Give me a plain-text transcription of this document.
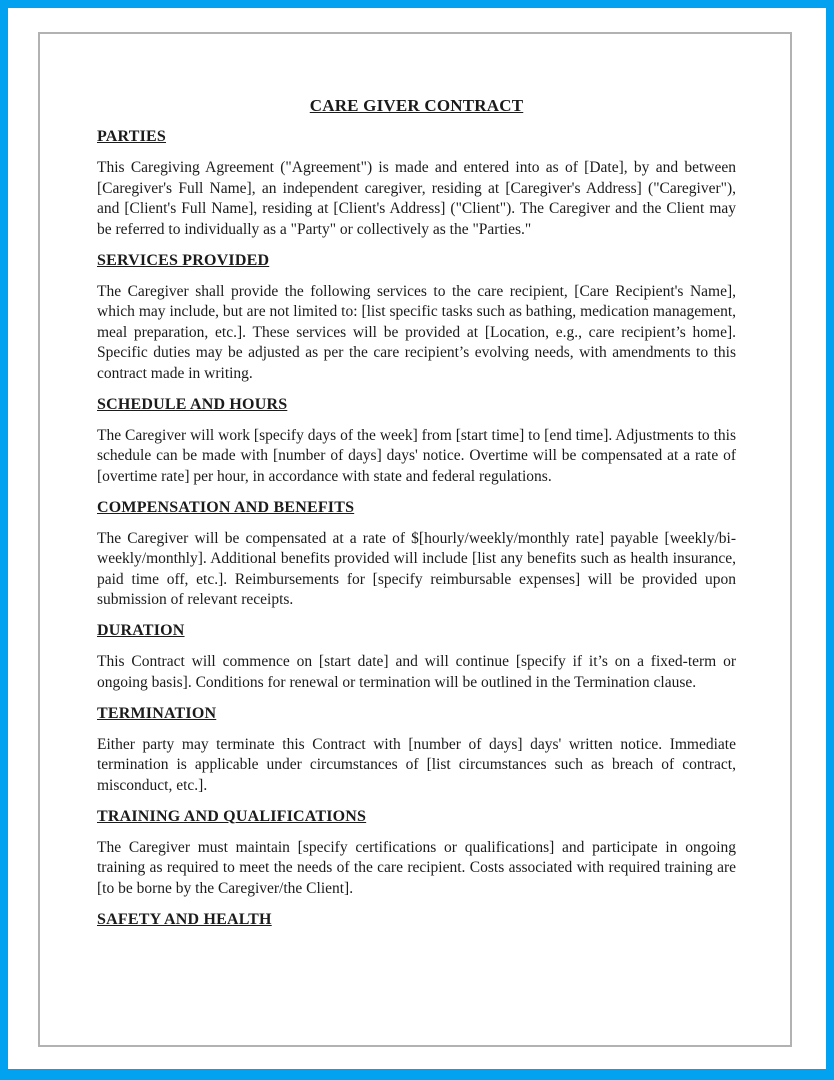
CARE GIVER CONTRACT
PARTIES

This Caregiving Agreement ("Agreement") is made and entered into as of [Date], by and between [Caregiver's Full Name], an independent caregiver, residing at [Caregiver's Address] ("Caregiver"), and [Client's Full Name], residing at [Client's Address] ("Client"). The Caregiver and the Client may be referred to individually as a "Party" or collectively as the "Parties."

SERVICES PROVIDED

The Caregiver shall provide the following services to the care recipient, [Care Recipient's Name], which may include, but are not limited to: [list specific tasks such as bathing, medication management, meal preparation, etc.]. These services will be provided at [Location, e.g., care recipient’s home]. Specific duties may be adjusted as per the care recipient’s evolving needs, with amendments to this contract made in writing.

SCHEDULE AND HOURS

The Caregiver will work [specify days of the week] from [start time] to [end time]. Adjustments to this schedule can be made with [number of days] days' notice. Overtime will be compensated at a rate of [overtime rate] per hour, in accordance with state and federal regulations.

COMPENSATION AND BENEFITS

The Caregiver will be compensated at a rate of $[hourly/weekly/monthly rate] payable [weekly/bi-weekly/monthly]. Additional benefits provided will include [list any benefits such as health insurance, paid time off, etc.]. Reimbursements for [specify reimbursable expenses] will be provided upon submission of relevant receipts.

DURATION

This Contract will commence on [start date] and will continue [specify if it’s on a fixed-term or ongoing basis]. Conditions for renewal or termination will be outlined in the Termination clause.

TERMINATION

Either party may terminate this Contract with [number of days] days' written notice. Immediate termination is applicable under circumstances of [list circumstances such as breach of contract, misconduct, etc.].

TRAINING AND QUALIFICATIONS

The Caregiver must maintain [specify certifications or qualifications] and participate in ongoing training as required to meet the needs of the care recipient. Costs associated with required training are [to be borne by the Caregiver/the Client].

SAFETY AND HEALTH
